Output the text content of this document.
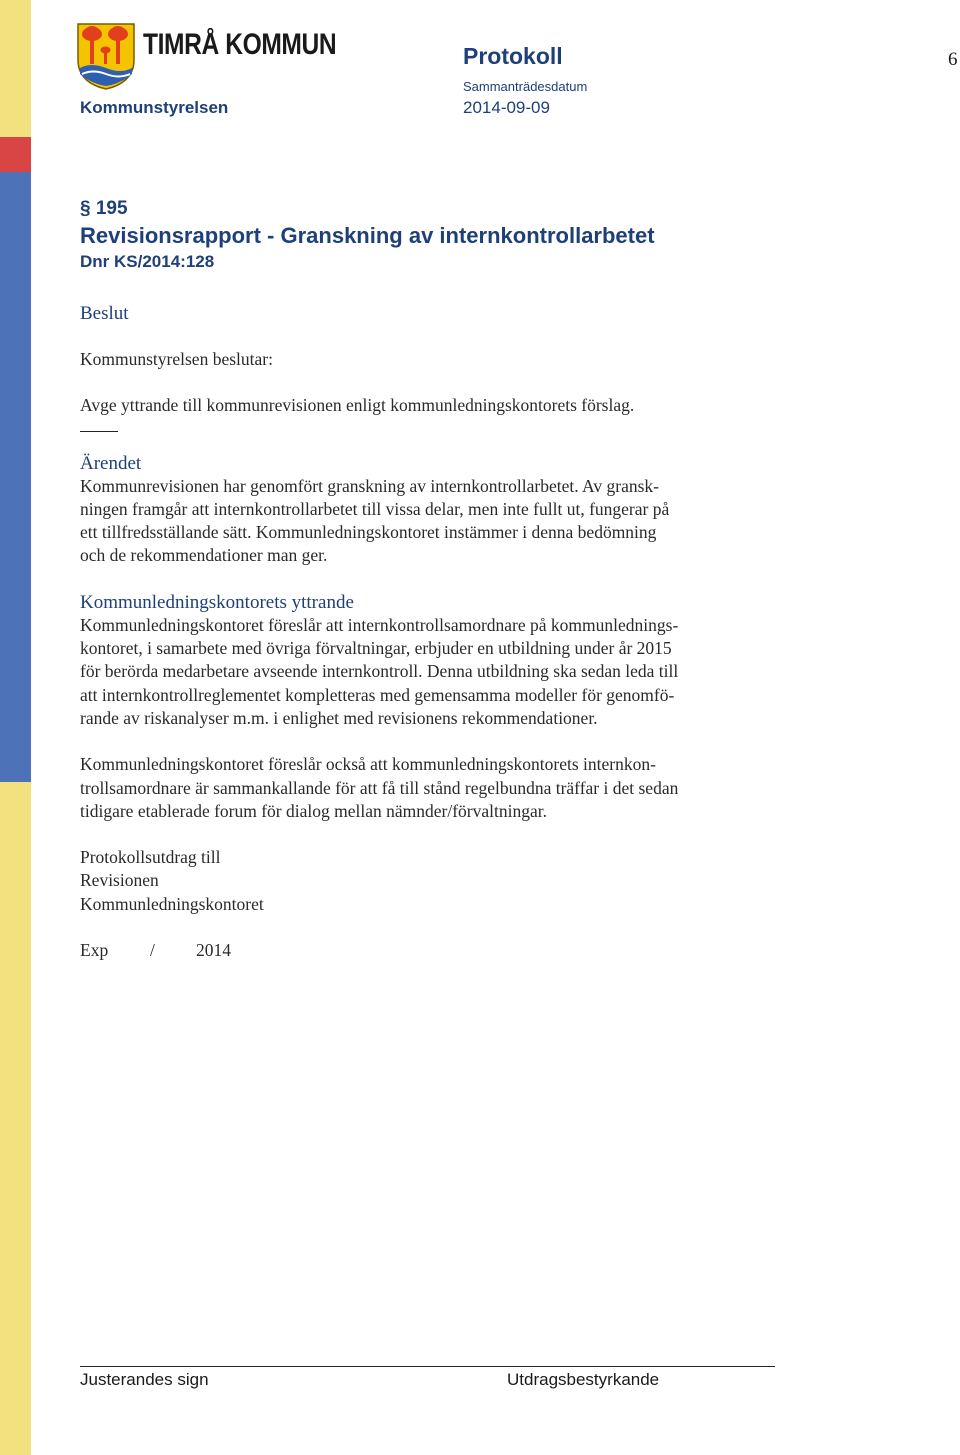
TIMRÅ KOMMUN	Protokoll	6
Kommunstyrelsen
Sammanträdesdatum
2014-09-09
§ 195
Revisionsrapport - Granskning av internkontrollarbetet
Dnr KS/2014:128
Beslut

Kommunstyrelsen beslutar:

Avge yttrande till kommunrevisionen enligt kommunledningskontorets förslag.

Ärendet

Kommunrevisionen har genomfört granskning av internkontrollarbetet. Av gransk-

ningen framgår att internkontrollarbetet till vissa delar, men inte fullt ut, fungerar på

ett tillfredsställande sätt. Kommunledningskontoret instämmer i denna bedömning

och de rekommendationer man ger.

Kommunledningskontorets yttrande

Kommunledningskontoret föreslår att internkontrollsamordnare på kommunlednings-

kontoret, i samarbete med övriga förvaltningar, erbjuder en utbildning under år 2015

för berörda medarbetare avseende internkontroll. Denna utbildning ska sedan leda till

att internkontrollreglementet kompletteras med gemensamma modeller för genomfö-

rande av riskanalyser m.m. i enlighet med revisionens rekommendationer.

Kommunledningskontoret föreslår också att kommunledningskontorets internkon-

trollsamordnare är sammankallande för att få till stånd regelbundna träffar i det sedan

tidigare etablerade forum för dialog mellan nämnder/förvaltningar.

Protokollsutdrag till

Revisionen

Kommunledningskontoret

Exp / 2014

Justerandes sign	Utdragsbestyrkande
